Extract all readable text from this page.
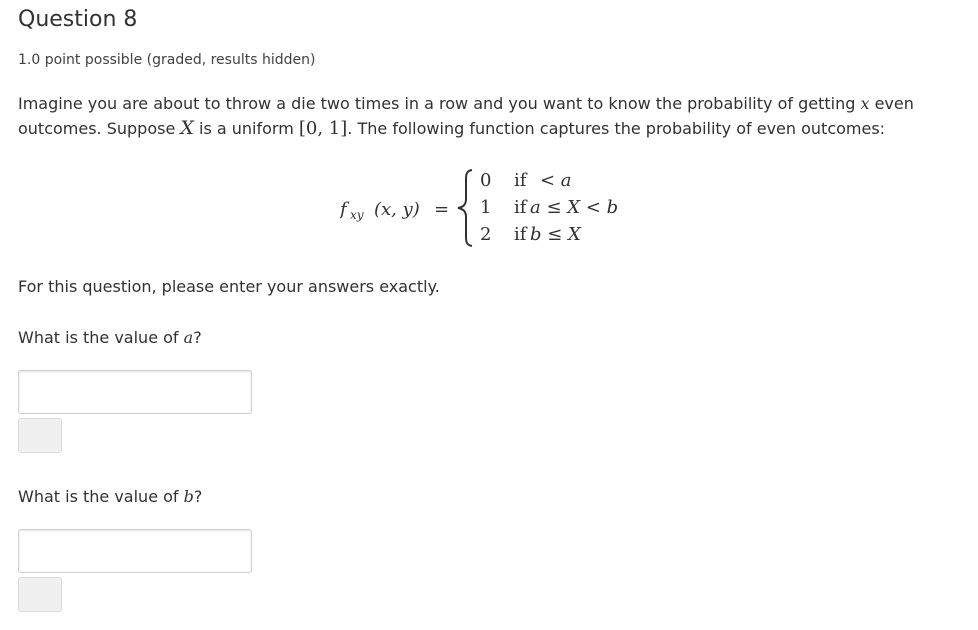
Question 8
1.0 point possible (graded, results hidden)
Imagine you are about to throw a die two times in a row and you want to know the probability of getting x even
outcomes. Suppose X is a uniform [0, 1]. The following function captures the probability of even outcomes:
f xy (x, y) =
0
1
2
if < a
if a ≤ X < b
if b ≤ X
For this question, please enter your answers exactly.
What is the value of a?
What is the value of b?
